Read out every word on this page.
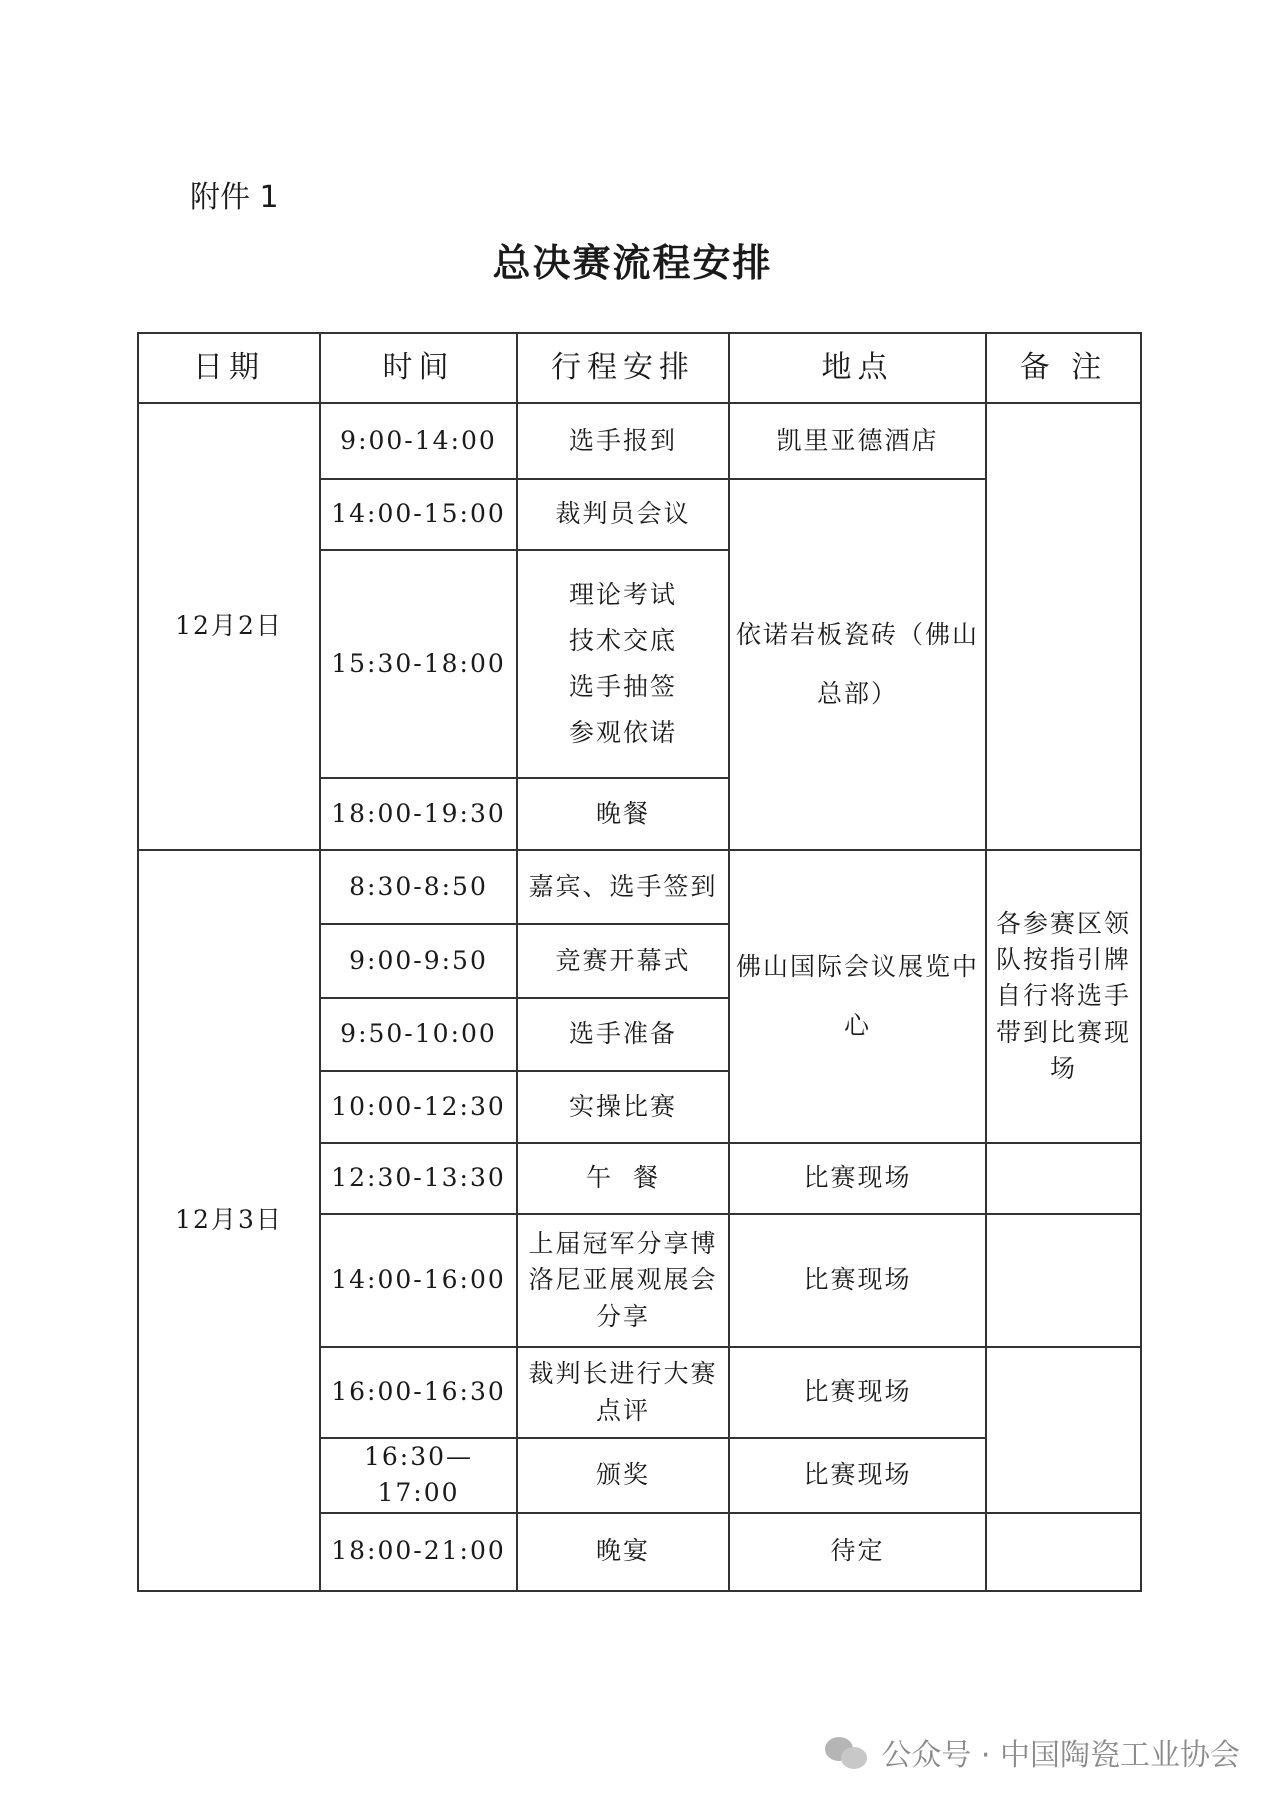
附件 1
总决赛流程安排
日期	时间	行程安排	地点	备 注
12月2日	9:00-14:00	选手报到	凯里亚德酒店	
	14:00-15:00	裁判员会议	依诺岩板瓷砖（佛山总部）	
	15:30-18:00	理论考试
技术交底
选手抽签
参观依诺		

	18:00-19:30	晚餐		
12月3日	8:30-8:50	嘉宾、选手签到	佛山国际会议展览中心	各参赛区领队按指引牌自行将选手带到比赛现场
	9:00-9:50	竞赛开幕式		
	9:50-10:00	选手准备		
	10:00-12:30	实操比赛		
	12:30-13:30	午  餐	比赛现场	
	14:00-16:00	上届冠军分享博洛尼亚展观展会分享	比赛现场	
	16:00-16:30	裁判长进行大赛点评	比赛现场	
	16:30—17:00	颁奖	比赛现场	
	18:00-21:00	晚宴	待定	
公众号 · 中国陶瓷工业协会
